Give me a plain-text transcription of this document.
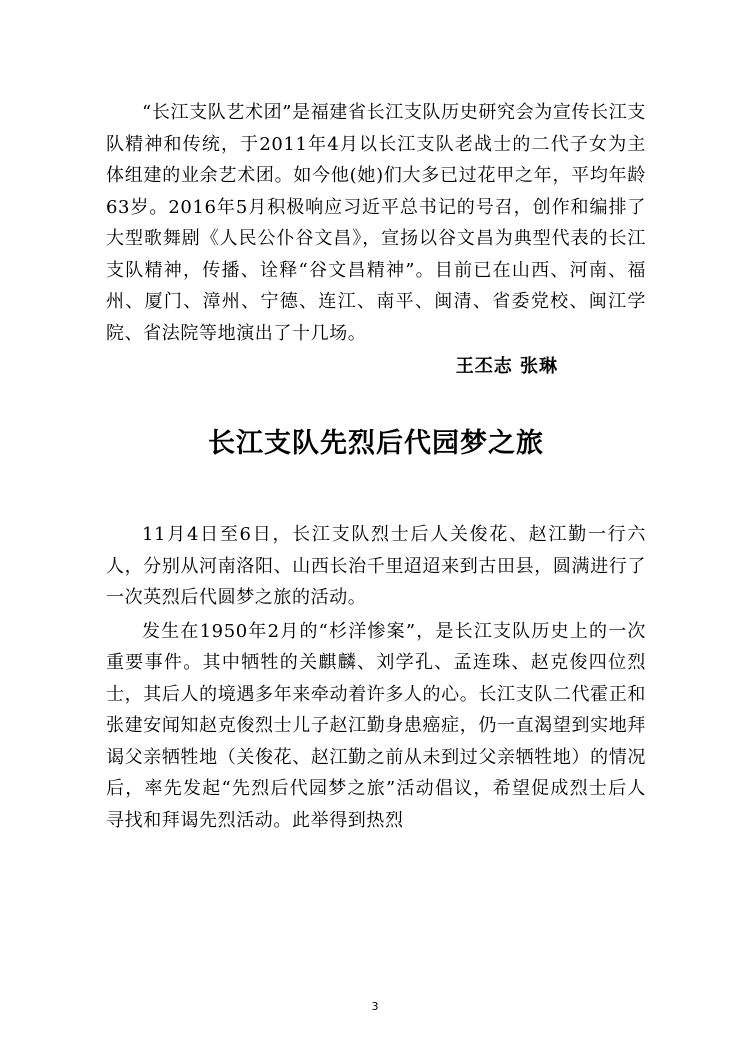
“长江支队艺术团”是福建省长江支队历史研究会为宣传长江支队精神和传统，于2011年4月以长江支队老战士的二代子女为主体组建的业余艺术团。如今他(她)们大多已过花甲之年，平均年龄63岁。2016年5月积极响应习近平总书记的号召，创作和编排了大型歌舞剧《人民公仆谷文昌》，宣扬以谷文昌为典型代表的长江支队精神，传播、诠释“谷文昌精神”。目前已在山西、河南、福州、厦门、漳州、宁德、连江、南平、闽清、省委党校、闽江学院、省法院等地演出了十几场。

王丕志 张琳

长江支队先烈后代园梦之旅

11月4日至6日，长江支队烈士后人关俊花、赵江勤一行六人，分别从河南洛阳、山西长治千里迢迢来到古田县，圆满进行了一次英烈后代圆梦之旅的活动。

发生在1950年2月的“杉洋惨案”，是长江支队历史上的一次重要事件。其中牺牲的关麒麟、刘学孔、孟连珠、赵克俊四位烈士，其后人的境遇多年来牵动着许多人的心。长江支队二代霍正和张建安闻知赵克俊烈士儿子赵江勤身患癌症，仍一直渴望到实地拜谒父亲牺牲地（关俊花、赵江勤之前从未到过父亲牺牲地）的情况后，率先发起“先烈后代园梦之旅”活动倡议，希望促成烈士后人寻找和拜谒先烈活动。此举得到热烈

3
